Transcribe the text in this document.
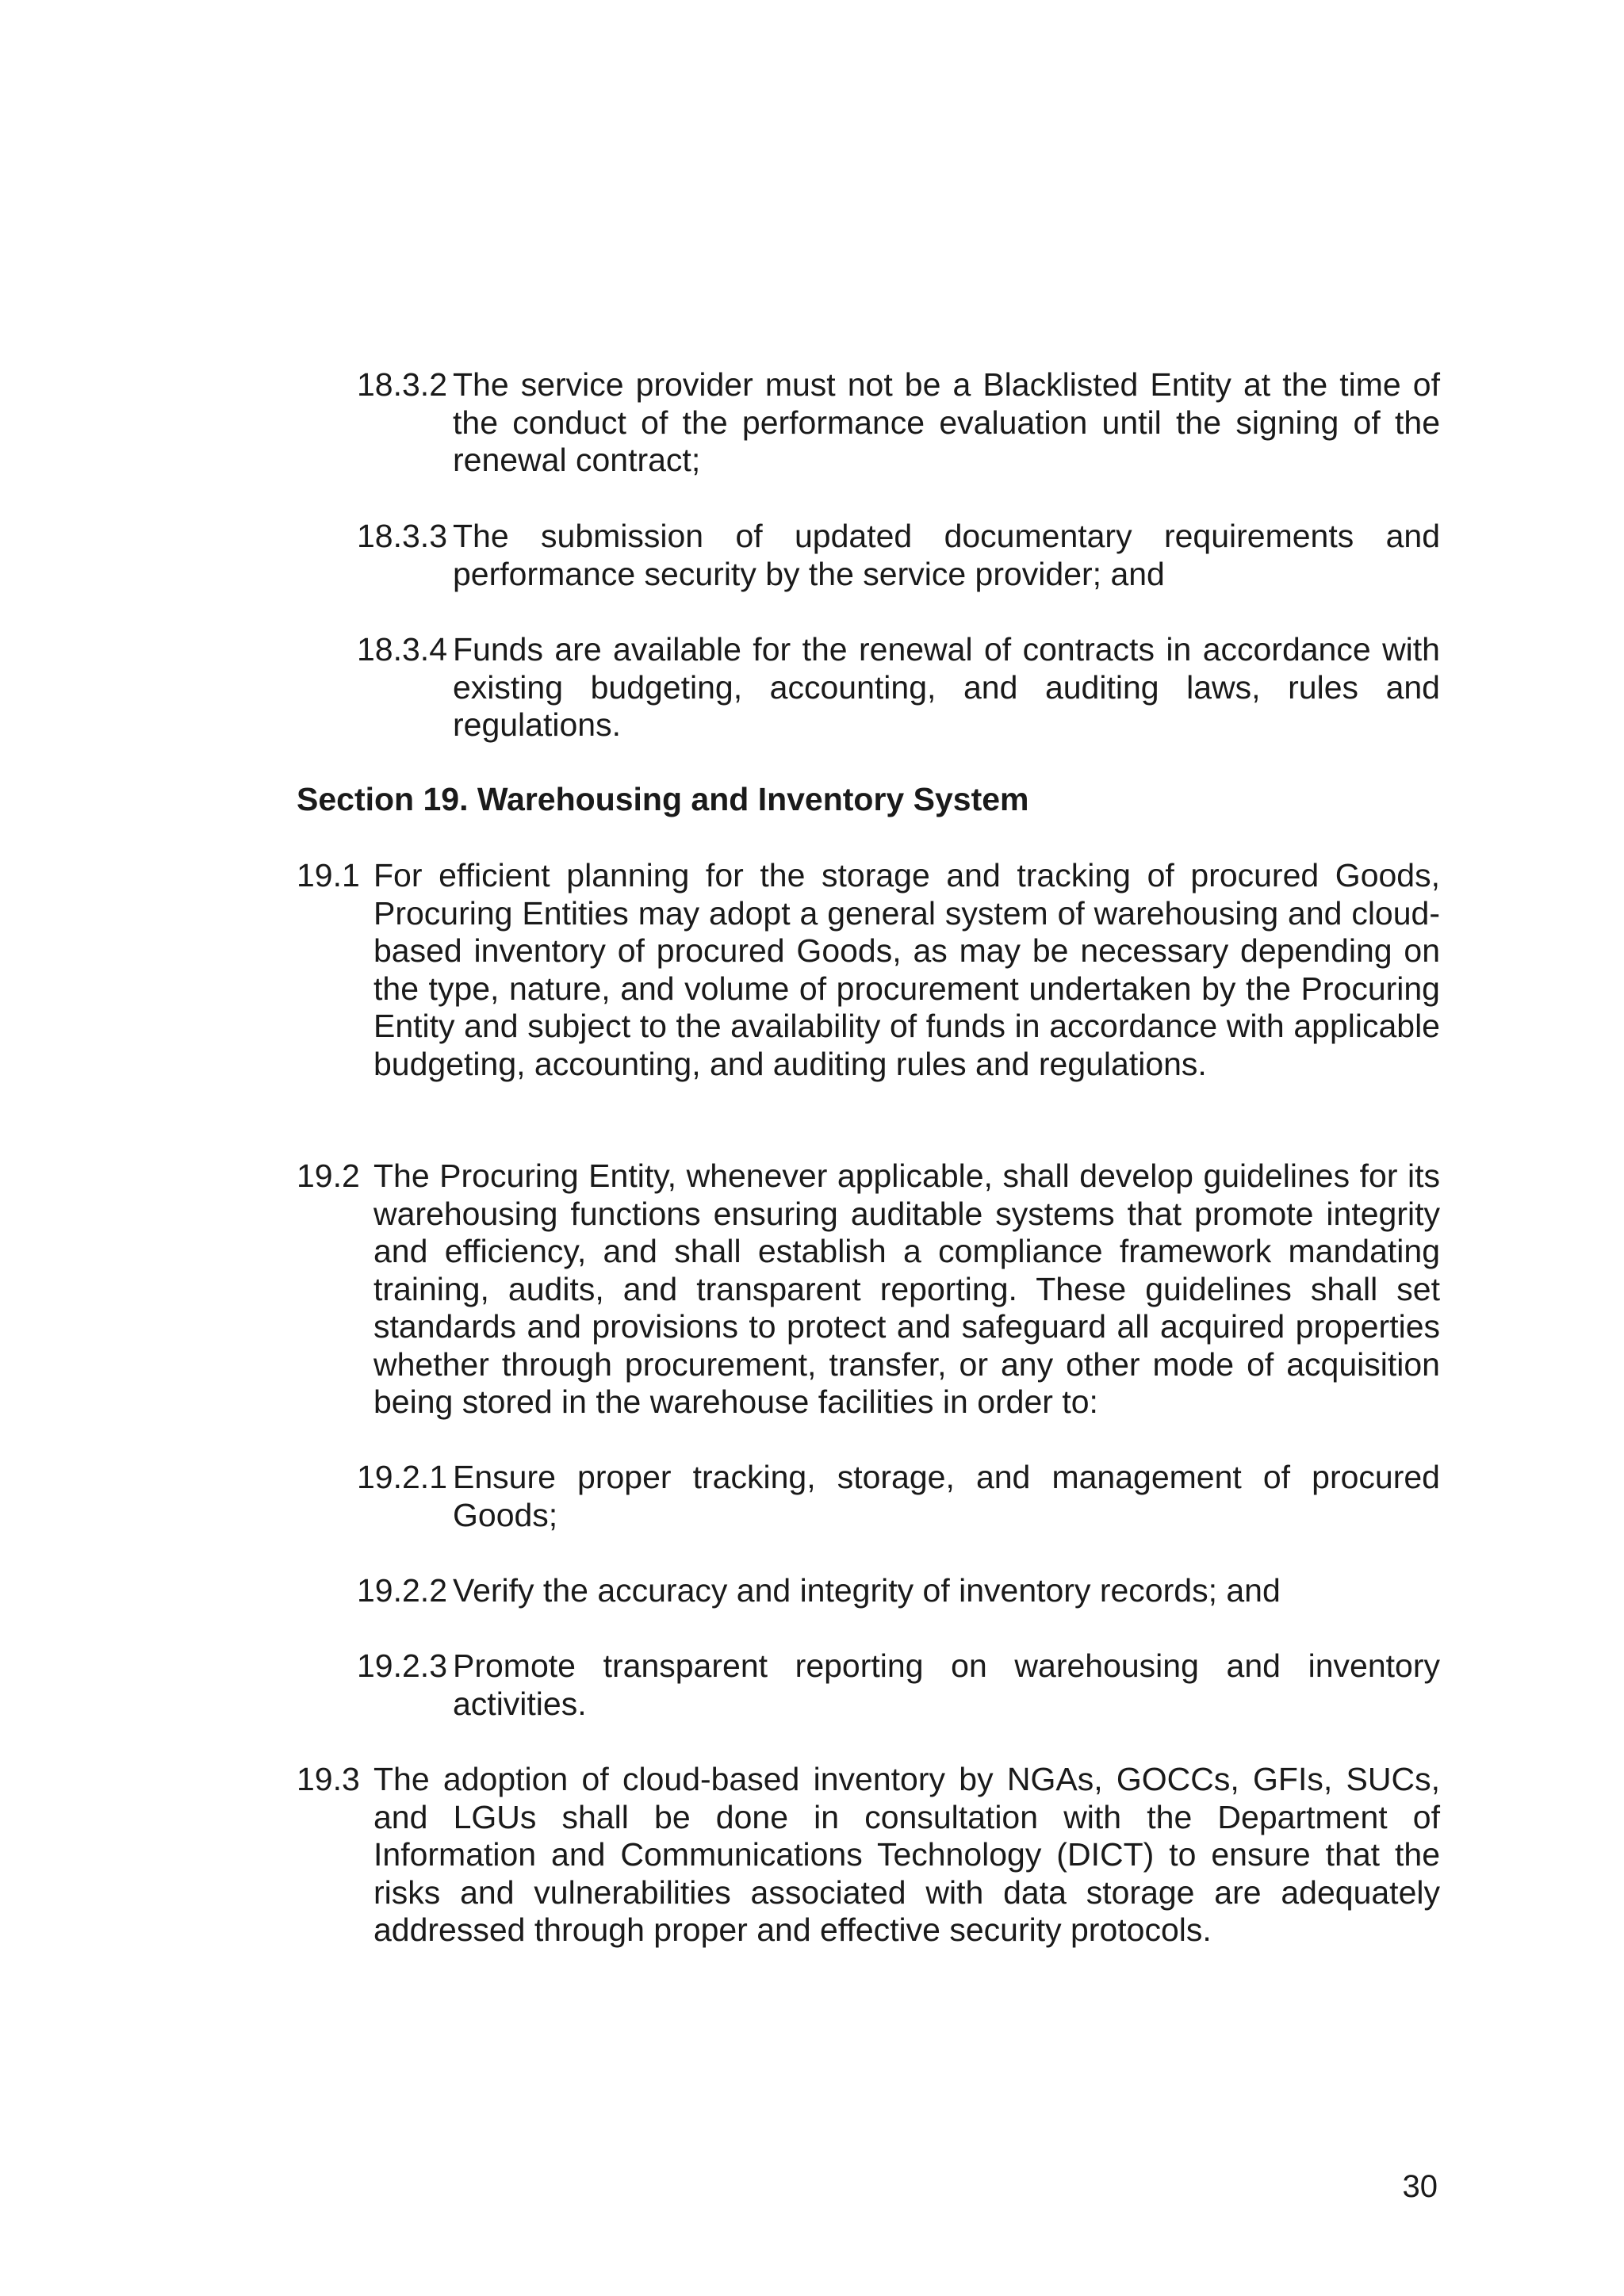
18.3.2 The service provider must not be a Blacklisted Entity at the time of the conduct of the performance evaluation until the signing of the renewal contract;
18.3.3 The submission of updated documentary requirements and performance security by the service provider; and
18.3.4 Funds are available for the renewal of contracts in accordance with existing budgeting, accounting, and auditing laws, rules and regulations.
Section 19. Warehousing and Inventory System
19.1 For efficient planning for the storage and tracking of procured Goods, Procuring Entities may adopt a general system of warehousing and cloud-based inventory of procured Goods, as may be necessary depending on the type, nature, and volume of procurement undertaken by the Procuring Entity and subject to the availability of funds in accordance with applicable budgeting, accounting, and auditing rules and regulations.
19.2 The Procuring Entity, whenever applicable, shall develop guidelines for its warehousing functions ensuring auditable systems that promote integrity and efficiency, and shall establish a compliance framework mandating training, audits, and transparent reporting. These guidelines shall set standards and provisions to protect and safeguard all acquired properties whether through procurement, transfer, or any other mode of acquisition being stored in the warehouse facilities in order to:
19.2.1 Ensure proper tracking, storage, and management of procured Goods;
19.2.2 Verify the accuracy and integrity of inventory records; and
19.2.3 Promote transparent reporting on warehousing and inventory activities.
19.3 The adoption of cloud-based inventory by NGAs, GOCCs, GFIs, SUCs, and LGUs shall be done in consultation with the Department of Information and Communications Technology (DICT) to ensure that the risks and vulnerabilities associated with data storage are adequately addressed through proper and effective security protocols.
30
